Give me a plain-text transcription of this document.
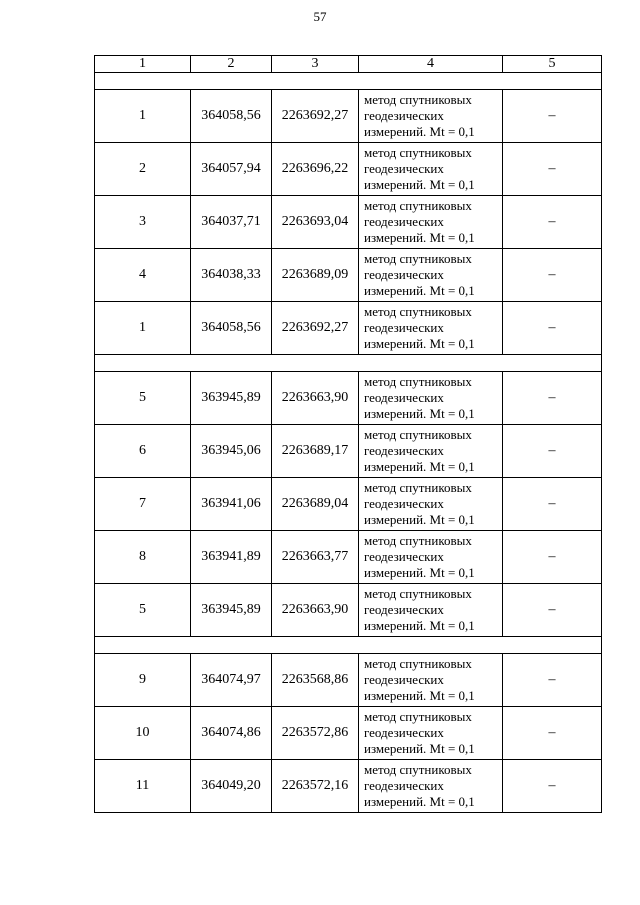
57
1	2	3	4	5

1	364058,56	2263692,27	метод спутниковых
геодезических
измерений. Mt = 0,1	–
2	364057,94	2263696,22	метод спутниковых
геодезических
измерений. Mt = 0,1	–
3	364037,71	2263693,04	метод спутниковых
геодезических
измерений. Mt = 0,1	–
4	364038,33	2263689,09	метод спутниковых
геодезических
измерений. Mt = 0,1	–
1	364058,56	2263692,27	метод спутниковых
геодезических
измерений. Mt = 0,1	–

5	363945,89	2263663,90	метод спутниковых
геодезических
измерений. Mt = 0,1	–
6	363945,06	2263689,17	метод спутниковых
геодезических
измерений. Mt = 0,1	–
7	363941,06	2263689,04	метод спутниковых
геодезических
измерений. Mt = 0,1	–
8	363941,89	2263663,77	метод спутниковых
геодезических
измерений. Mt = 0,1	–
5	363945,89	2263663,90	метод спутниковых
геодезических
измерений. Mt = 0,1	–

9	364074,97	2263568,86	метод спутниковых
геодезических
измерений. Mt = 0,1	–
10	364074,86	2263572,86	метод спутниковых
геодезических
измерений. Mt = 0,1	–
11	364049,20	2263572,16	метод спутниковых
геодезических
измерений. Mt = 0,1	–
